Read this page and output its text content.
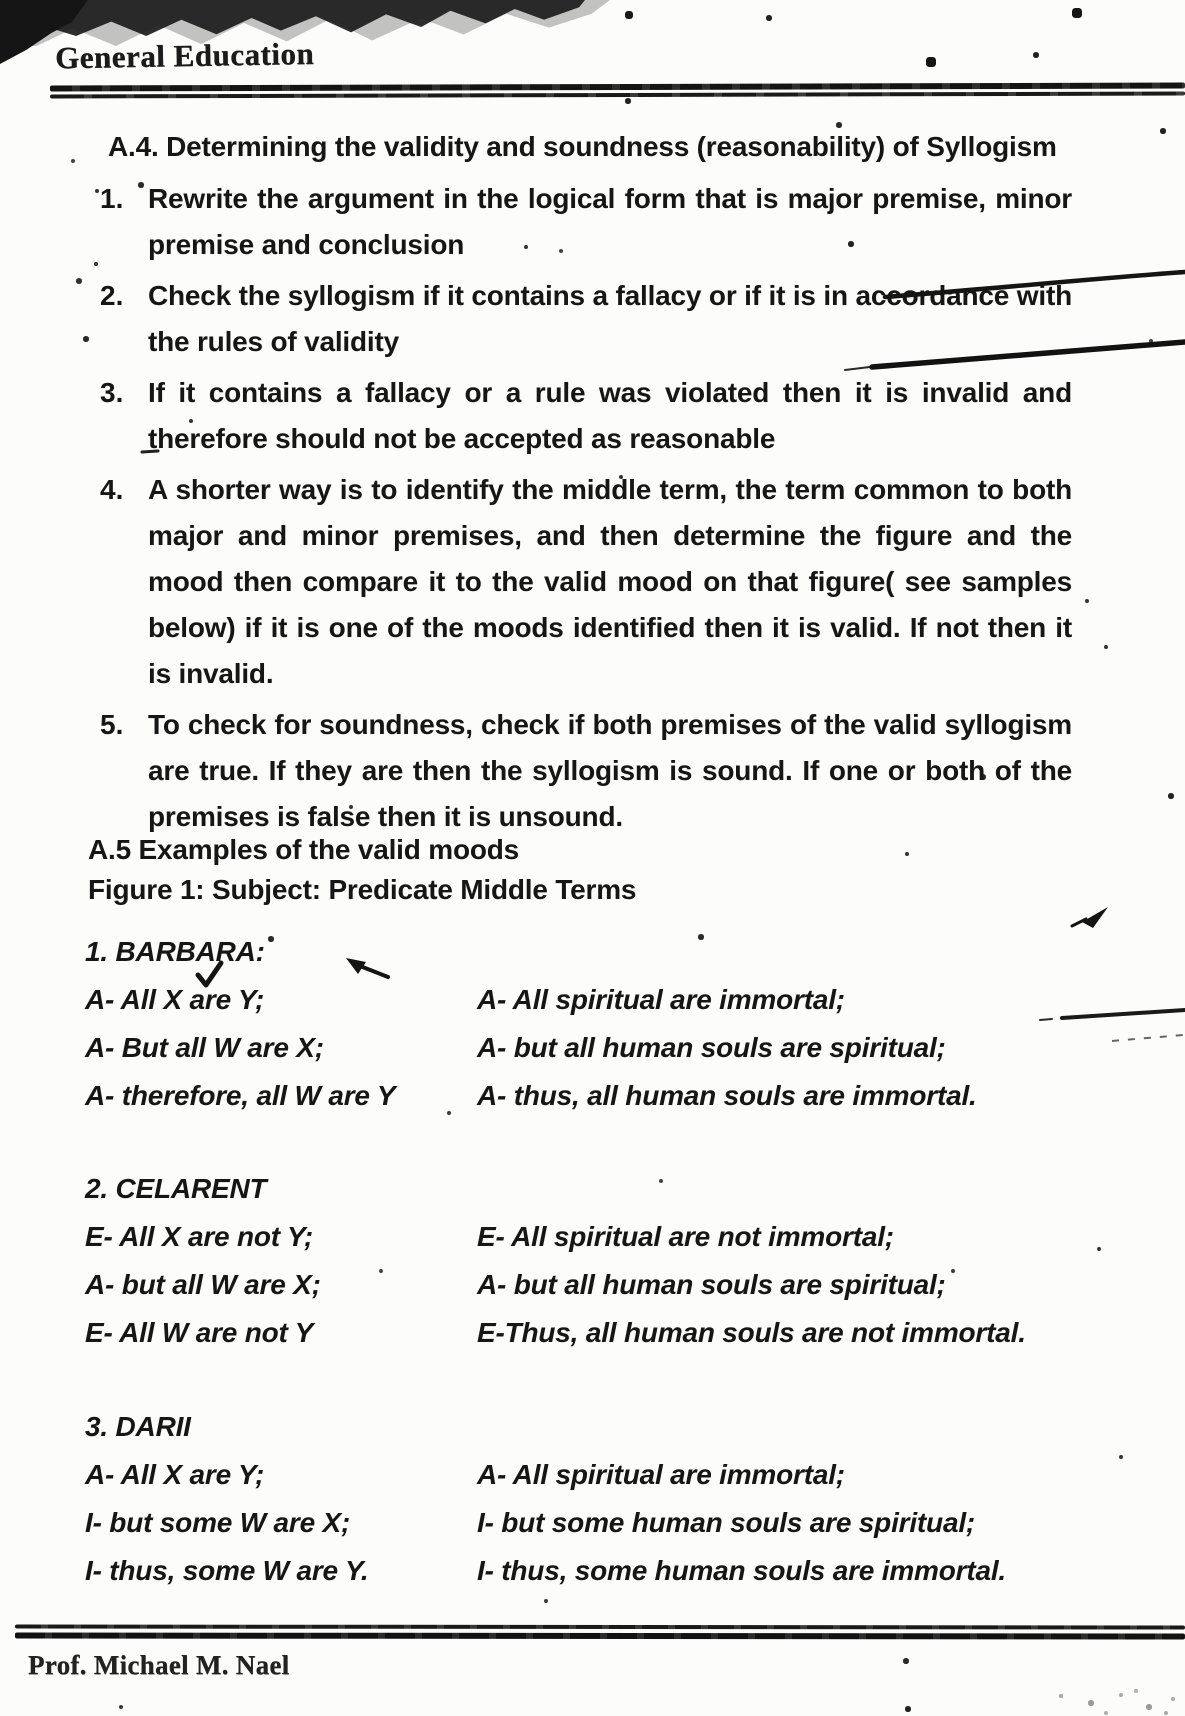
General Education
A.4. Determining the validity and soundness (reasonability) of Syllogism
1. Rewrite the argument in the logical form that is major premise, minor premise and conclusion
2. Check the syllogism if it contains a fallacy or if it is in accordance with the rules of validity
3. If it contains a fallacy or a rule was violated then it is invalid and therefore should not be accepted as reasonable
4. A shorter way is to identify the middle term, the term common to both major and minor premises, and then determine the figure and the mood then compare it to the valid mood on that figure( see samples below) if it is one of the moods identified then it is valid. If not then it is invalid.
5. To check for soundness, check if both premises of the valid syllogism are true. If they are then the syllogism is sound. If one or both of the premises is false then it is unsound.
A.5 Examples of the valid moods
Figure 1: Subject: Predicate Middle Terms
1. BARBARA:
A- All X are Y;	A- All spiritual are immortal;
A- But all W are X;	A- but all human souls are spiritual;
A- therefore, all W are Y	A- thus, all human souls are immortal.
2. CELARENT
E- All X are not Y;	E- All spiritual are not immortal;
A- but all W are X;	A- but all human souls are spiritual;
E- All W are not Y	E-Thus, all human souls are not immortal.
3. DARII
A- All X are Y;	A- All spiritual are immortal;
I- but some W are X;	I- but some human souls are spiritual;
I- thus, some W are Y.	I- thus, some human souls are immortal.
Prof. Michael M. Nael
